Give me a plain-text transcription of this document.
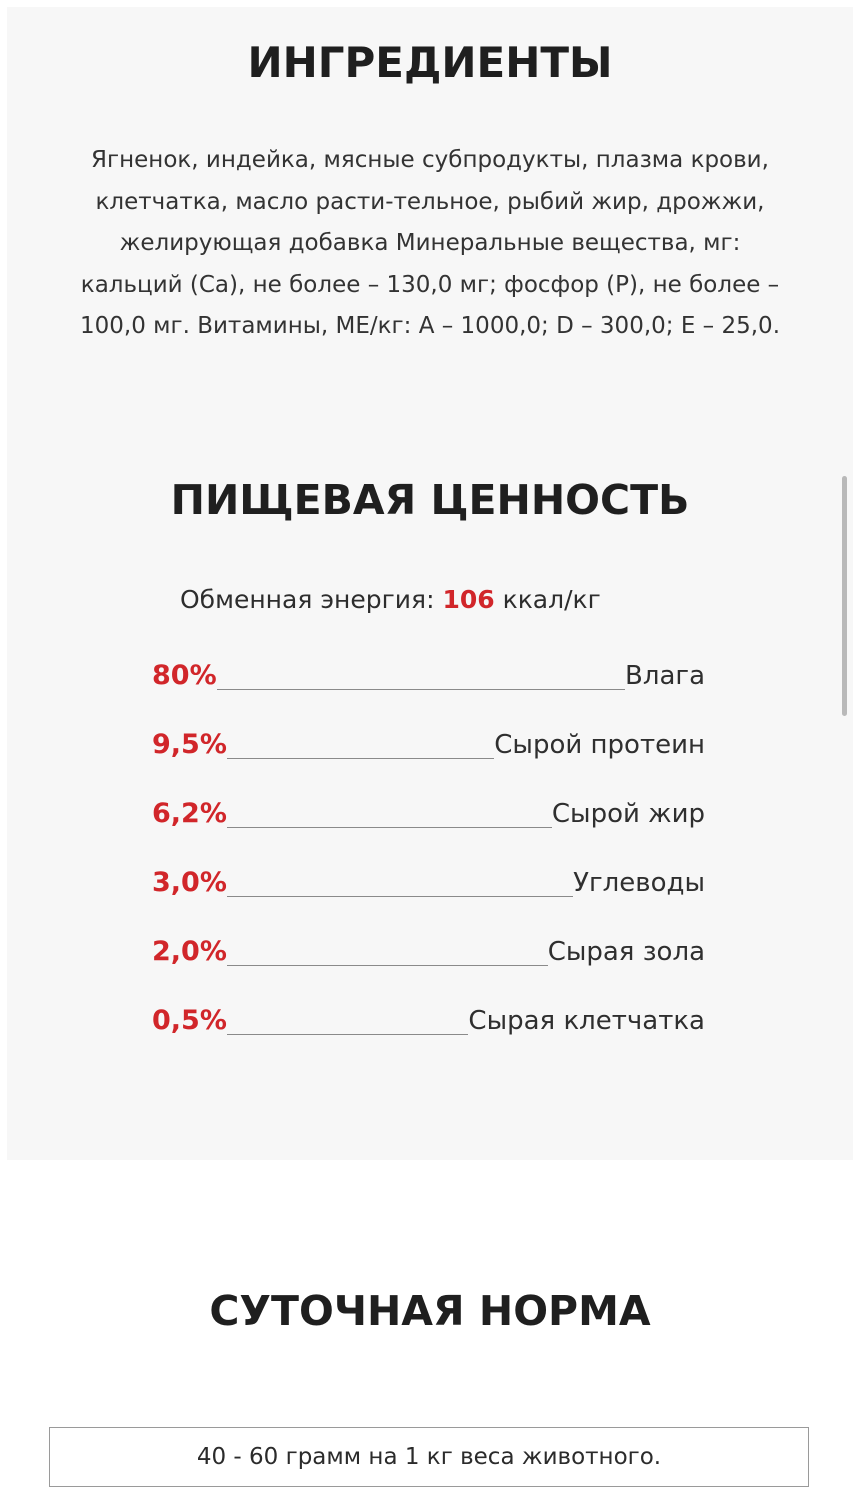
ИНГРЕДИЕНТЫ
Ягненок, индейка, мясные субпродукты, плазма крови,
клетчатка, масло расти-тельное, рыбий жир, дрожжи,
желирующая добавка Минеральные вещества, мг:
кальций (Са), не более – 130,0 мг; фосфор (Р), не более –
100,0 мг. Витамины, МЕ/кг: А – 1000,0; D – 300,0; Е – 25,0.
ПИЩЕВАЯ ЦЕННОСТЬ
Обменная энергия: 106 ккал/кг
80%	Влага
9,5%	Сырой протеин
6,2%	Сырой жир
3,0%	Углеводы
2,0%	Сырая зола
0,5%	Сырая клетчатка
СУТОЧНАЯ НОРМА
40 - 60 грамм на 1 кг веса животного.
